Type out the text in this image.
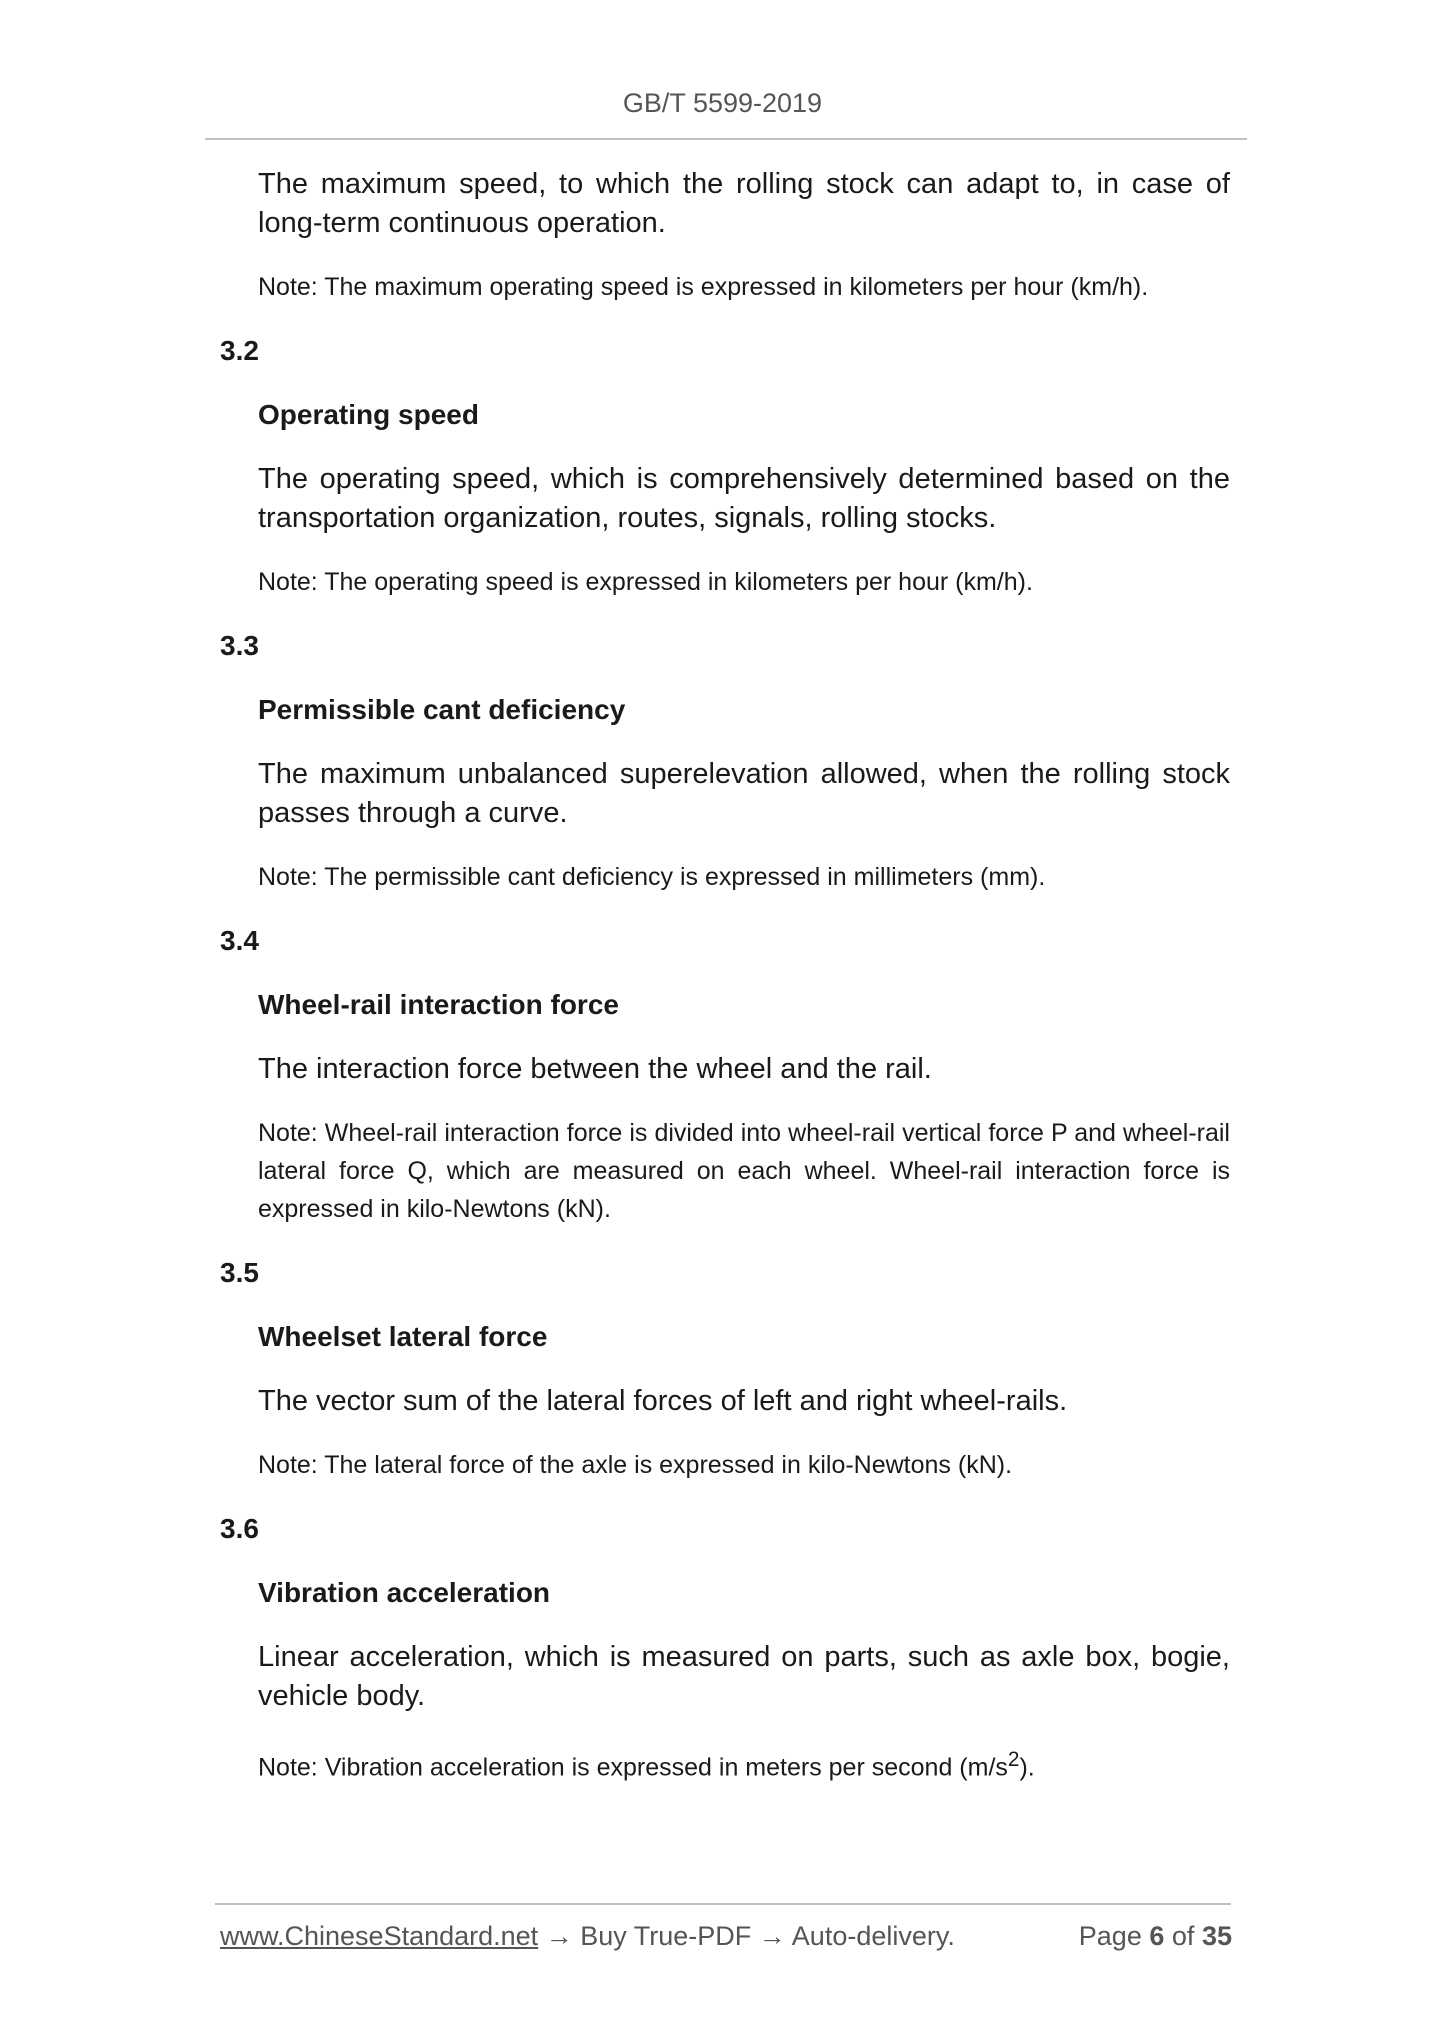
GB/T 5599-2019

The maximum speed, to which the rolling stock can adapt to, in case of long-term continuous operation.

Note: The maximum operating speed is expressed in kilometers per hour (km/h).

3.2

Operating speed

The operating speed, which is comprehensively determined based on the transportation organization, routes, signals, rolling stocks.

Note: The operating speed is expressed in kilometers per hour (km/h).

3.3

Permissible cant deficiency

The maximum unbalanced superelevation allowed, when the rolling stock passes through a curve.

Note: The permissible cant deficiency is expressed in millimeters (mm).

3.4

Wheel-rail interaction force

The interaction force between the wheel and the rail.

Note: Wheel-rail interaction force is divided into wheel-rail vertical force P and wheel-rail lateral force Q, which are measured on each wheel. Wheel-rail interaction force is expressed in kilo-Newtons (kN).

3.5

Wheelset lateral force

The vector sum of the lateral forces of left and right wheel-rails.

Note: The lateral force of the axle is expressed in kilo-Newtons (kN).

3.6

Vibration acceleration

Linear acceleration, which is measured on parts, such as axle box, bogie, vehicle body.

Note: Vibration acceleration is expressed in meters per second $(m/s^2)$.

www.ChineseStandard.net → Buy True-PDF → Auto-delivery.	Page 6 of 35
